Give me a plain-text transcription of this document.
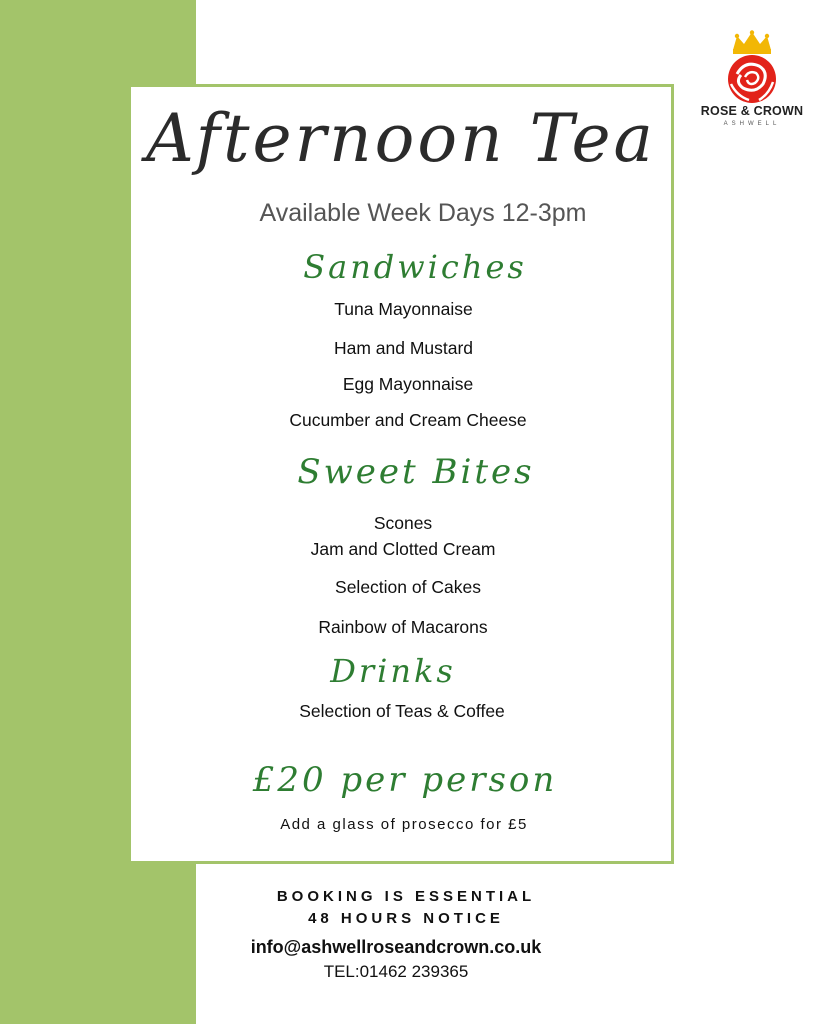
ROSE & CROWN
ASHWELL
Afternoon Tea
Available Week Days 12-3pm
Sandwiches
Tuna Mayonnaise
Ham and Mustard
Egg Mayonnaise
Cucumber and Cream Cheese
Sweet Bites
Scones
Jam and Clotted Cream
Selection of Cakes
Rainbow of Macarons
Drinks
Selection of Teas & Coffee
£20 per person
Add a glass of prosecco for £5
BOOKING IS ESSENTIAL
48 HOURS NOTICE
info@ashwellroseandcrown.co.uk
TEL:01462 239365
